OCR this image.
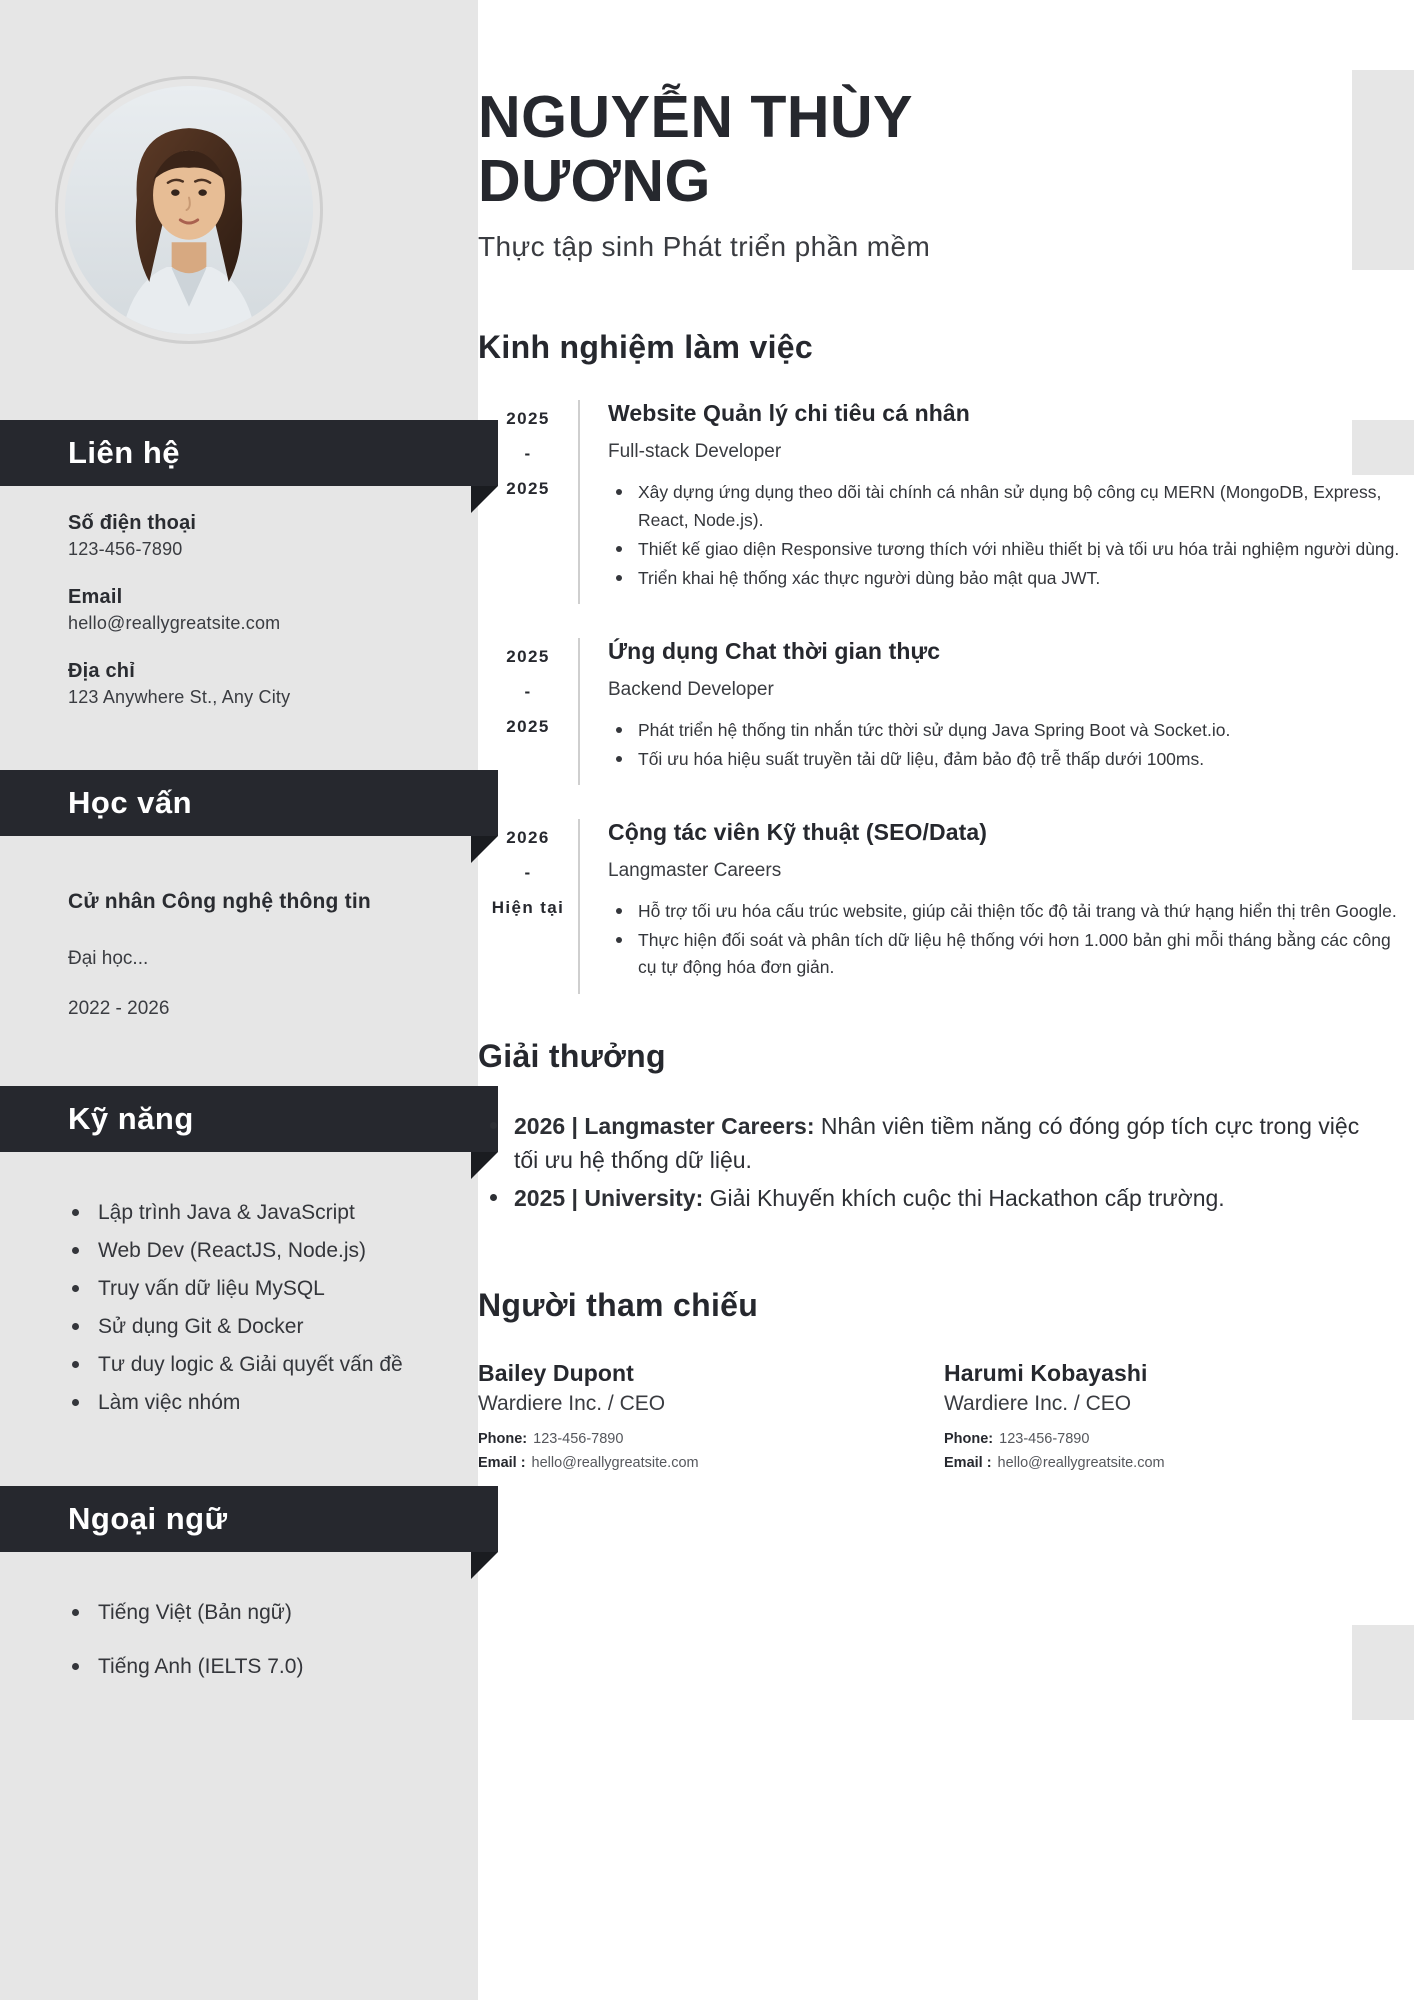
Liên hệ
Số điện thoại
123-456-7890
Email
hello@reallygreatsite.com
Địa chỉ
123 Anywhere St., Any City
Học vấn
Cử nhân Công nghệ thông tin
Đại học...
2022 - 2026
Kỹ năng
Lập trình Java & JavaScript
Web Dev (ReactJS, Node.js)
Truy vấn dữ liệu MySQL
Sử dụng Git & Docker
Tư duy logic & Giải quyết vấn đề
Làm việc nhóm
Ngoại ngữ
Tiếng Việt (Bản ngữ)
Tiếng Anh (IELTS 7.0)
NGUYỄN THÙY DƯƠNG
Thực tập sinh Phát triển phần mềm
Kinh nghiệm làm việc
2025
-
2025
Website Quản lý chi tiêu cá nhân
Full-stack Developer
Xây dựng ứng dụng theo dõi tài chính cá nhân sử dụng bộ công cụ MERN (MongoDB, Express, React, Node.js).
Thiết kế giao diện Responsive tương thích với nhiều thiết bị và tối ưu hóa trải nghiệm người dùng.
Triển khai hệ thống xác thực người dùng bảo mật qua JWT.
2025
-
2025
Ứng dụng Chat thời gian thực
Backend Developer
Phát triển hệ thống tin nhắn tức thời sử dụng Java Spring Boot và Socket.io.
Tối ưu hóa hiệu suất truyền tải dữ liệu, đảm bảo độ trễ thấp dưới 100ms.
2026
-
Hiện tại
Cộng tác viên Kỹ thuật (SEO/Data)
Langmaster Careers
Hỗ trợ tối ưu hóa cấu trúc website, giúp cải thiện tốc độ tải trang và thứ hạng hiển thị trên Google.
Thực hiện đối soát và phân tích dữ liệu hệ thống với hơn 1.000 bản ghi mỗi tháng bằng các công cụ tự động hóa đơn giản.
Giải thưởng
2026 | Langmaster Careers: Nhân viên tiềm năng có đóng góp tích cực trong việc tối ưu hệ thống dữ liệu.
2025 | University: Giải Khuyến khích cuộc thi Hackathon cấp trường.
Người tham chiếu
Bailey Dupont
Wardiere Inc. / CEO
Phone: 123-456-7890
Email : hello@reallygreatsite.com
Harumi Kobayashi
Wardiere Inc. / CEO
Phone: 123-456-7890
Email : hello@reallygreatsite.com
